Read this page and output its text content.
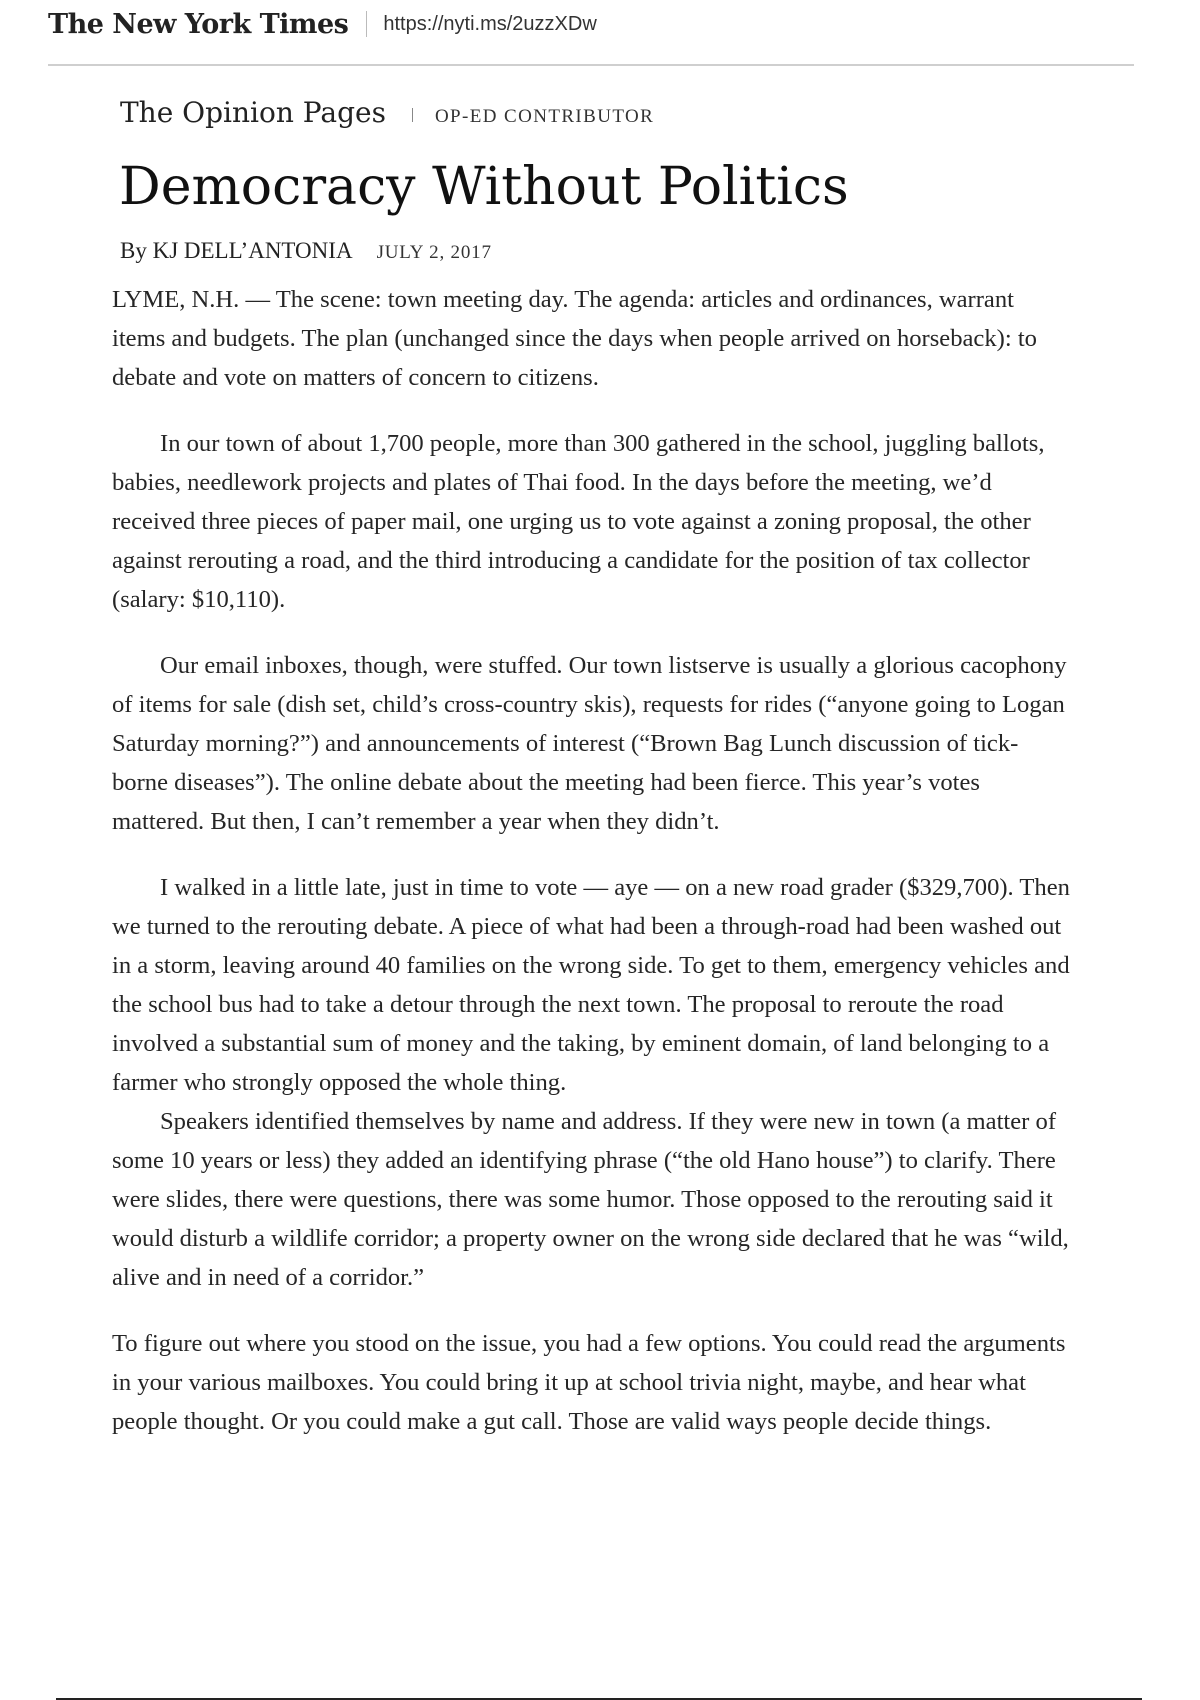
The New York Times https://nyti.ms/2uzzXDw
The Opinion Pages	OP-ED CONTRIBUTOR
Democracy Without Politics
By KJ DELL’ANTONIA JULY 2, 2017

LYME, N.H. — The scene: town meeting day. The agenda: articles and ordinances, warrant items and budgets. The plan (unchanged since the days when people arrived on horseback): to debate and vote on matters of concern to citizens.

In our town of about 1,700 people, more than 300 gathered in the school, juggling ballots, babies, needlework projects and plates of Thai food. In the days before the meeting, we’d received three pieces of paper mail, one urging us to vote against a zoning proposal, the other against rerouting a road, and the third introducing a candidate for the position of tax collector (salary: $10,110).

Our email inboxes, though, were stuffed. Our town listserve is usually a glorious cacophony of items for sale (dish set, child’s cross-country skis), requests for rides (“anyone going to Logan Saturday morning?”) and announcements of interest (“Brown Bag Lunch discussion of tick-borne diseases”). The online debate about the meeting had been fierce. This year’s votes mattered. But then, I can’t remember a year when they didn’t.

I walked in a little late, just in time to vote — aye — on a new road grader ($329,700). Then we turned to the rerouting debate. A piece of what had been a through-road had been washed out in a storm, leaving around 40 families on the wrong side. To get to them, emergency vehicles and the school bus had to take a detour through the next town. The proposal to reroute the road involved a substantial sum of money and the taking, by eminent domain, of land belonging to a farmer who strongly opposed the whole thing.

Speakers identified themselves by name and address. If they were new in town (a matter of some 10 years or less) they added an identifying phrase (“the old Hano house”) to clarify. There were slides, there were questions, there was some humor. Those opposed to the rerouting said it would disturb a wildlife corridor; a property owner on the wrong side declared that he was “wild, alive and in need of a corridor.”

To figure out where you stood on the issue, you had a few options. You could read the arguments in your various mailboxes. You could bring it up at school trivia night, maybe, and hear what people thought. Or you could make a gut call. Those are valid ways people decide things.
